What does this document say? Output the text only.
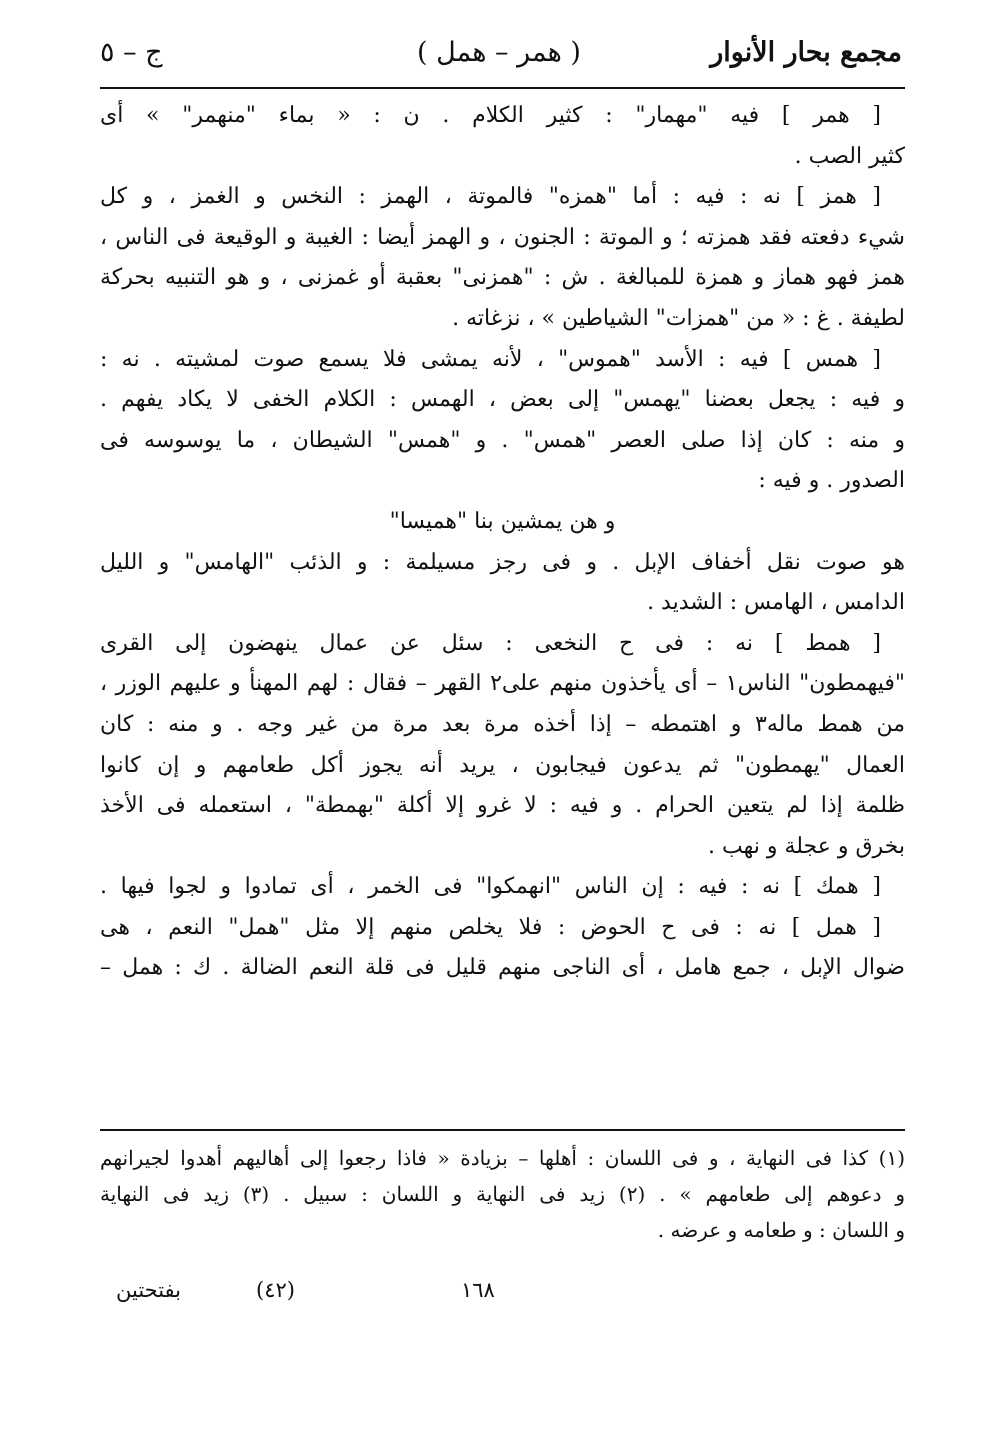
مجمع بحار الأنوار
( همر – همل )
ج – ٥
[ همر ] فيه "مهمار" : كثير الكلام . ن : « بماء "منهمر" » أى
كثير الصب .
[ همز ] نه : فيه : أما "همزه" فالموتة ، الهمز : النخس و الغمز ، و كل
شيء دفعته فقد همزته ؛ و الموتة : الجنون ، و الهمز أيضا : الغيبة و الوقيعة فى الناس ،
همز فهو هماز و همزة للمبالغة . ش : "همزنى" بعقبة أو غمزنى ، و هو التنبيه بحركة
لطيفة . غ : « من "همزات" الشياطين » ، نزغاته .
[ همس ] فيه : الأسد "هموس" ، لأنه يمشى فلا يسمع صوت لمشيته . نه :
و فيه : يجعل بعضنا "يهمس" إلى بعض ، الهمس : الكلام الخفى لا يكاد يفهم .
و منه : كان إذا صلى العصر "همس" . و "همس" الشيطان ، ما يوسوسه فى
الصدور . و فيه :
و هن يمشين بنا "هميسا"
هو صوت نقل أخفاف الإبل . و فى رجز مسيلمة : و الذئب "الهامس" و الليل
الدامس ، الهامس : الشديد .
[ همط ] نه : فى ح النخعى : سئل عن عمال ينهضون إلى القرى
"فيهمطون" الناس١ – أى يأخذون منهم على٢ القهر – فقال : لهم المهنأ و عليهم الوزر ،
من همط ماله٣ و اهتمطه – إذا أخذه مرة بعد مرة من غير وجه . و منه : كان
العمال "يهمطون" ثم يدعون فيجابون ، يريد أنه يجوز أكل طعامهم و إن كانوا
ظلمة إذا لم يتعين الحرام . و فيه : لا غرو إلا أكلة "بهمطة" ، استعمله فى الأخذ
بخرق و عجلة و نهب .
[ همك ] نه : فيه : إن الناس "انهمكوا" فى الخمر ، أى تمادوا و لجوا فيها .
[ همل ] نه : فى ح الحوض : فلا يخلص منهم إلا مثل "همل" النعم ، هى
ضوال الإبل ، جمع هامل ، أى الناجى منهم قليل فى قلة النعم الضالة . ك : همل –
(١) كذا فى النهاية ، و فى اللسان : أهلها – بزيادة « فاذا رجعوا إلى أهاليهم أهدوا لجيرانهم
و دعوهم إلى طعامهم » . (٢) زيد فى النهاية و اللسان : سبيل . (٣) زيد فى النهاية
و اللسان : و طعامه و عرضه .
١٦٨
(٤٢)
بفتحتين
